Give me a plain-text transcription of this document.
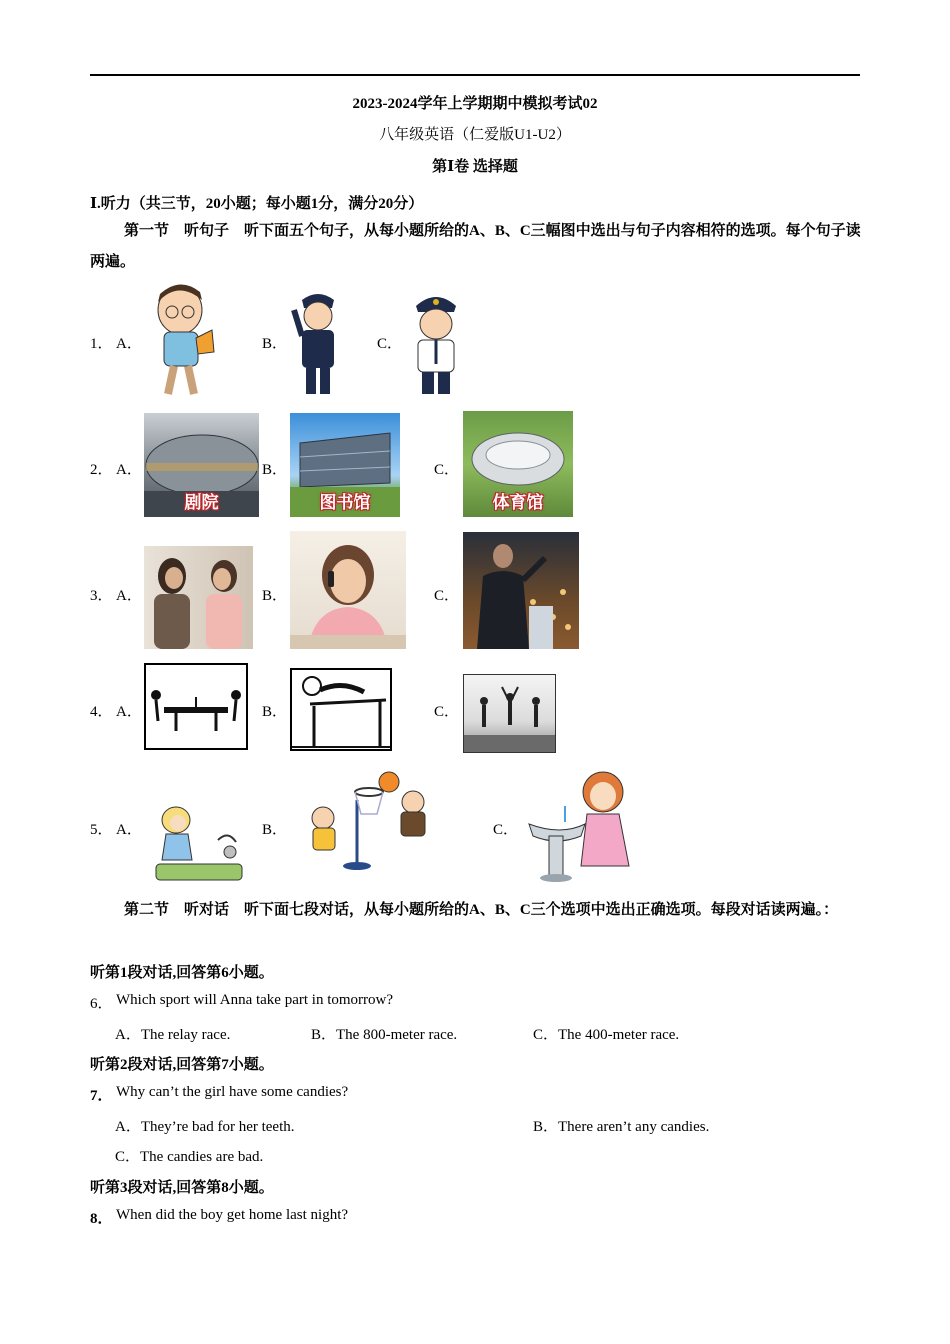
2023-2024学年上学期期中模拟考试02
八年级英语（仁爱版U1-U2）
第Ⅰ卷 选择题
Ⅰ.听力（共三节，20小题；每小题1分，满分20分）
第一节　听句子　听下面五个句子，从每小题所给的A、B、C三幅图中选出与句子内容相符的选项。每个句子读两遍。
1． A．	B．	C．
2． A．
剧院
B．
图书馆
C．
体育馆
3． A．	B．	C．
4． A．	B．	C．
5． A．	B．	C．
第二节　听对话　听下面七段对话，从每小题所给的A、B、C三个选项中选出正确选项。每段对话读两遍。：
听第1段对话,回答第6小题。
6． Which sport will Anna take part in tomorrow?
A．The relay race.	B．The 800-meter race.	C．The 400-meter race.
听第2段对话,回答第7小题。
7． Why can’t the girl have some candies?
A．They’re bad for her teeth.	B．There aren’t any candies.
C．The candies are bad.
听第3段对话,回答第8小题。
8． When did the boy get home last night?
